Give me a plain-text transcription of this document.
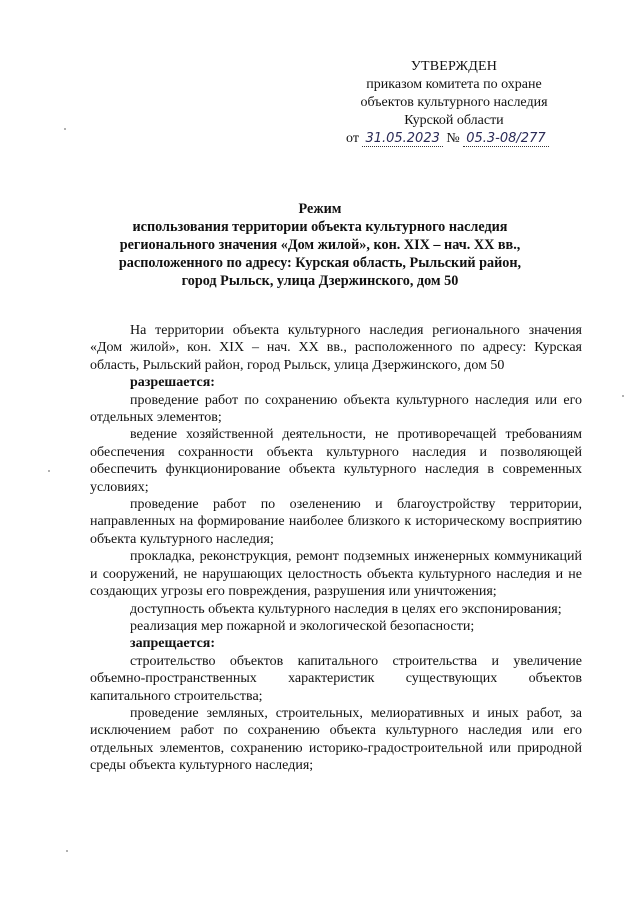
УТВЕРЖДЕН
приказом комитета по охране
объектов культурного наследия
Курской области
от 31.05.2023 № 05.3-08/277
Режим
использования территории объекта культурного наследия
регионального значения «Дом жилой», кон. XIX – нач. XX вв.,
расположенного по адресу: Курская область, Рыльский район,
город Рыльск, улица Дзержинского, дом 50

На территории объекта культурного наследия регионального значения «Дом жилой», кон. XIX – нач. XX вв., расположенного по адресу: Курская область, Рыльский район, город Рыльск, улица Дзержинского, дом 50

разрешается:

проведение работ по сохранению объекта культурного наследия или его отдельных элементов;

ведение хозяйственной деятельности, не противоречащей требованиям обеспечения сохранности объекта культурного наследия и позволяющей обеспечить функционирование объекта культурного наследия в современных условиях;

проведение работ по озеленению и благоустройству территории, направленных на формирование наиболее близкого к историческому восприятию объекта культурного наследия;

прокладка, реконструкция, ремонт подземных инженерных коммуникаций и сооружений, не нарушающих целостность объекта культурного наследия и не создающих угрозы его повреждения, разрушения или уничтожения;

доступность объекта культурного наследия в целях его экспонирования;

реализация мер пожарной и экологической безопасности;

запрещается:

строительство объектов капитального строительства и увеличение объемно-пространственных характеристик существующих объектов капитального строительства;

проведение земляных, строительных, мелиоративных и иных работ, за исключением работ по сохранению объекта культурного наследия или его отдельных элементов, сохранению историко-градостроительной или природной среды объекта культурного наследия;
